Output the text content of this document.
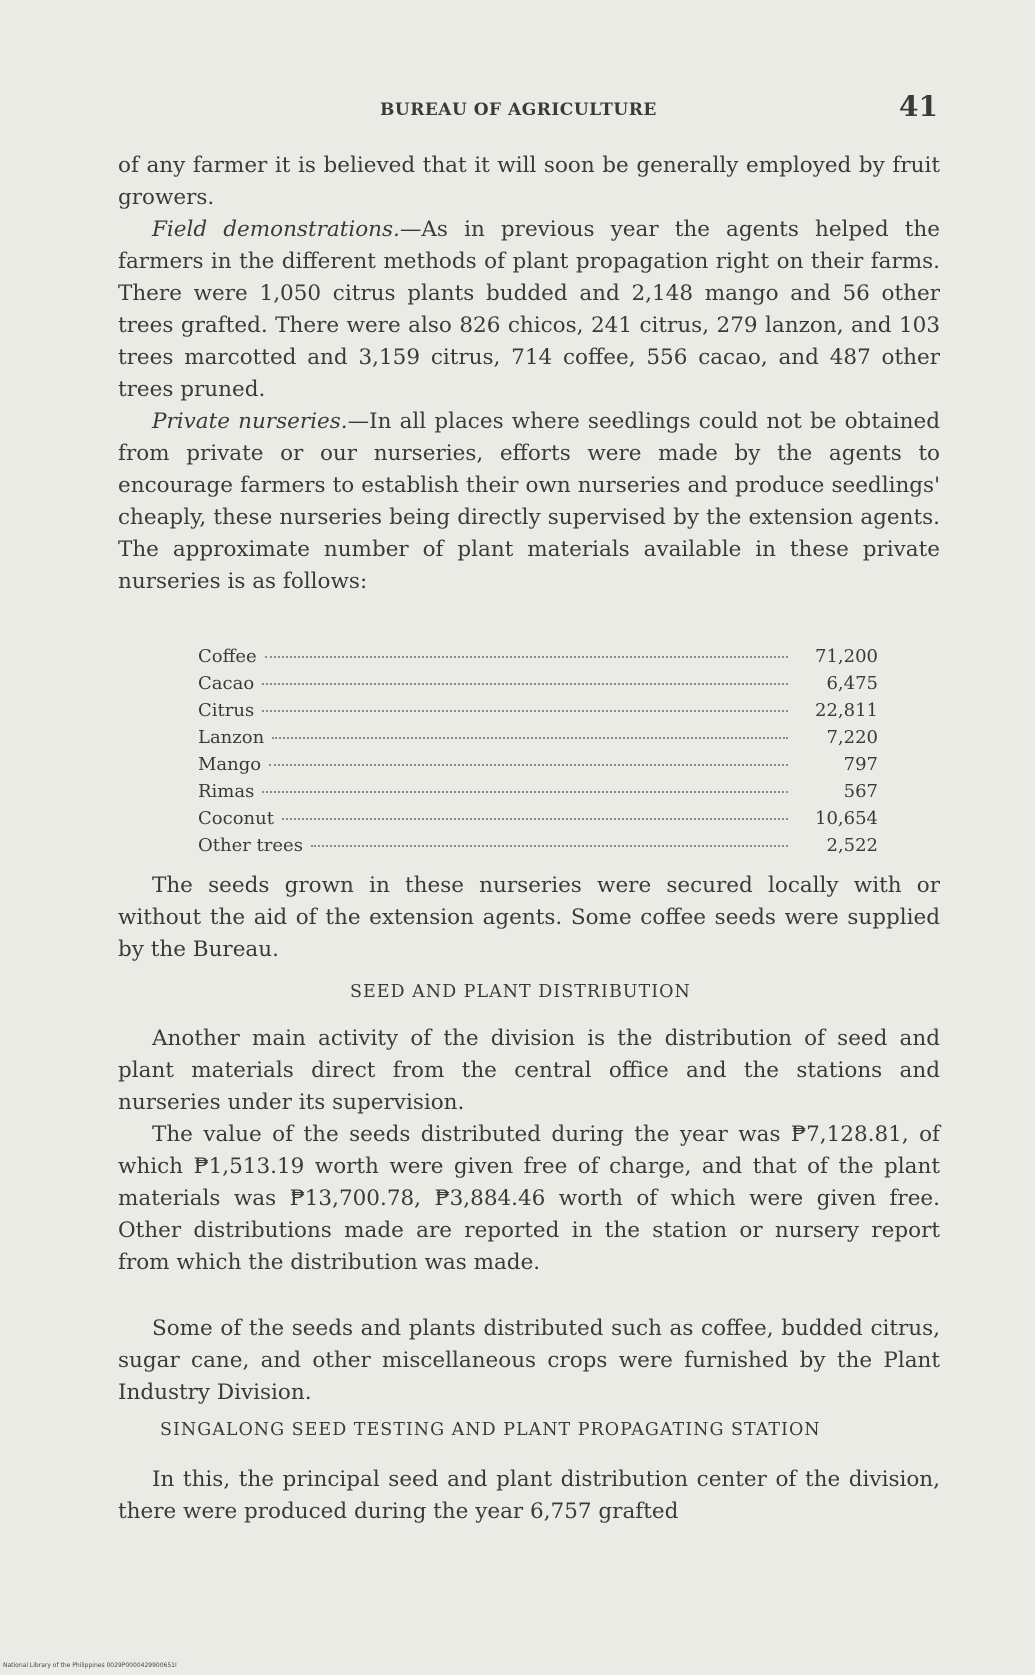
BUREAU OF AGRICULTURE	41

of any farmer it is believed that it will soon be generally employed by fruit growers.

Field demonstrations.—As in previous year the agents helped the farmers in the different methods of plant propagation right on their farms. There were 1,050 citrus plants budded and 2,148 mango and 56 other trees grafted. There were also 826 chicos, 241 citrus, 279 lanzon, and 103 trees marcotted and 3,159 citrus, 714 coffee, 556 cacao, and 487 other trees pruned.

Private nurseries.—In all places where seedlings could not be obtained from private or our nurseries, efforts were made by the agents to encourage farmers to establish their own nurseries and produce seedlings' cheaply, these nurseries being directly supervised by the extension agents. The approximate number of plant materials available in these private nurseries is as follows:

Coffee	71,200
Cacao	6,475
Citrus	22,811
Lanzon	7,220
Mango	797
Rimas	567
Coconut	10,654
Other trees	2,522

The seeds grown in these nurseries were secured locally with or without the aid of the extension agents. Some coffee seeds were supplied by the Bureau.

SEED AND PLANT DISTRIBUTION

Another main activity of the division is the distribution of seed and plant materials direct from the central office and the stations and nurseries under its supervision.

The value of the seeds distributed during the year was ₱7,128.81, of which ₱1,513.19 worth were given free of charge, and that of the plant materials was ₱13,700.78, ₱3,884.46 worth of which were given free. Other distributions made are reported in the station or nursery report from which the distribution was made.

Some of the seeds and plants distributed such as coffee, budded citrus, sugar cane, and other miscellaneous crops were furnished by the Plant Industry Division.

SINGALONG SEED TESTING AND PLANT PROPAGATING STATION

In this, the principal seed and plant distribution center of the division, there were produced during the year 6,757 grafted

National Library of the Philippines 0029P0000429900651I
